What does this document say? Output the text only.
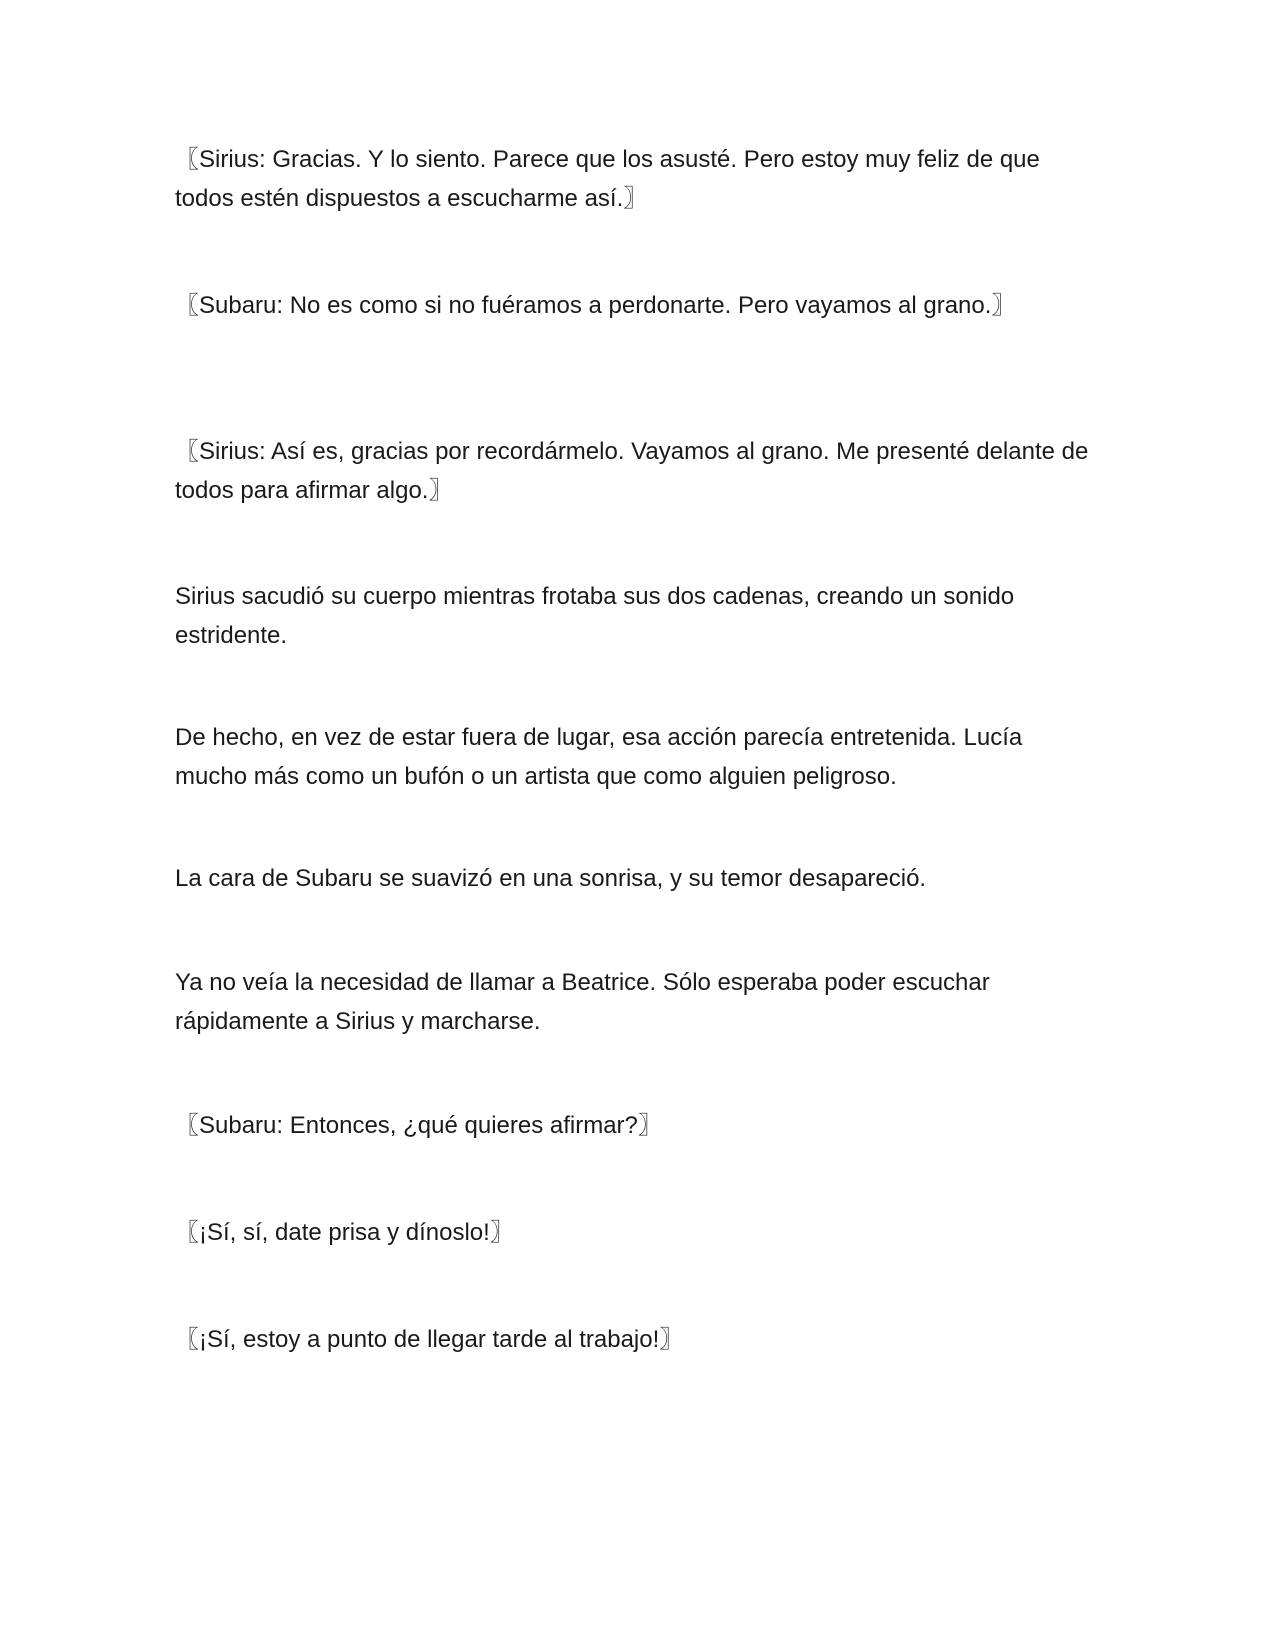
〖Sirius: Gracias. Y lo siento. Parece que los asusté. Pero estoy muy feliz de que todos estén dispuestos a escucharme así.〗

〖Subaru: No es como si no fuéramos a perdonarte. Pero vayamos al grano.〗

〖Sirius: Así es, gracias por recordármelo. Vayamos al grano. Me presenté delante de todos para afirmar algo.〗

Sirius sacudió su cuerpo mientras frotaba sus dos cadenas, creando un sonido estridente.

De hecho, en vez de estar fuera de lugar, esa acción parecía entretenida. Lucía mucho más como un bufón o un artista que como alguien peligroso.

La cara de Subaru se suavizó en una sonrisa, y su temor desapareció.

Ya no veía la necesidad de llamar a Beatrice. Sólo esperaba poder escuchar rápidamente a Sirius y marcharse.

〖Subaru: Entonces, ¿qué quieres afirmar?〗

〖¡Sí, sí, date prisa y dínoslo!〗

〖¡Sí, estoy a punto de llegar tarde al trabajo!〗
